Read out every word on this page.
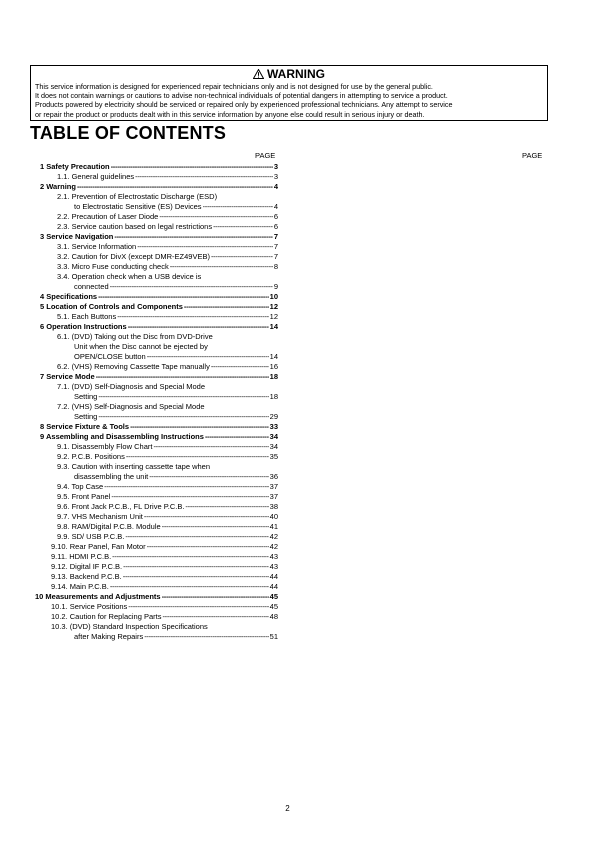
WARNING
This service information is designed for experienced repair technicians only and is not designed for use by the general public.
It does not contain warnings or cautions to advise non-technical individuals of potential dangers in attempting to service a product.
Products powered by electricity should be serviced or repaired only by experienced professional technicians. Any attempt to service
or repair the product or products dealt with in this service information by anyone else could result in serious injury or death.
TABLE OF CONTENTS
PAGE	PAGE
1 Safety Precaution -----	3
1.1. General guidelines -----	3
2 Warning -----	4
2.1. Prevention of Electrostatic Discharge (ESD)
to Electrostatic Sensitive (ES) Devices -----	4
2.2. Precaution of Laser Diode -----	6
2.3. Service caution based on legal restrictions -----	6
3 Service Navigation -----	7
3.1. Service Information -----	7
3.2. Caution for DivX (except DMR-EZ49VEB) -----	7
3.3. Micro Fuse conducting check -----	8
3.4. Operation check when a USB device is
connected -----	9
4 Specifications -----	10
5 Location of Controls and Components -----	12
5.1. Each Buttons -----	12
6 Operation Instructions -----	14
6.1. (DVD) Taking out the Disc from DVD-Drive
Unit when the Disc cannot be ejected by
OPEN/CLOSE button -----	14
6.2. (VHS) Removing Cassette Tape manually -----	16
7 Service Mode -----	18
7.1. (DVD) Self-Diagnosis and Special Mode
Setting -----	18
7.2. (VHS) Self-Diagnosis and Special Mode
Setting -----	29
8 Service Fixture & Tools -----	33
9 Assembling and Disassembling Instructions -----	34
9.1. Disassembly Flow Chart -----	34
9.2. P.C.B. Positions -----	35
9.3. Caution with inserting cassette tape when
disassembling the unit -----	36
9.4. Top Case -----	37
9.5. Front Panel -----	37
9.6. Front Jack P.C.B., FL Drive P.C.B. -----	38
9.7. VHS Mechanism Unit -----	40
9.8. RAM/Digital P.C.B. Module -----	41
9.9. SD/ USB P.C.B. -----	42
9.10. Rear Panel, Fan Motor -----	42
9.11. HDMI P.C.B. -----	43
9.12. Digital IF P.C.B. -----	43
9.13. Backend P.C.B. -----	44
9.14. Main P.C.B. -----	44
10 Measurements and Adjustments -----	45
10.1. Service Positions -----	45
10.2. Caution for Replacing Parts -----	48
10.3. (DVD) Standard Inspection Specifications
after Making Repairs -----	51
2
